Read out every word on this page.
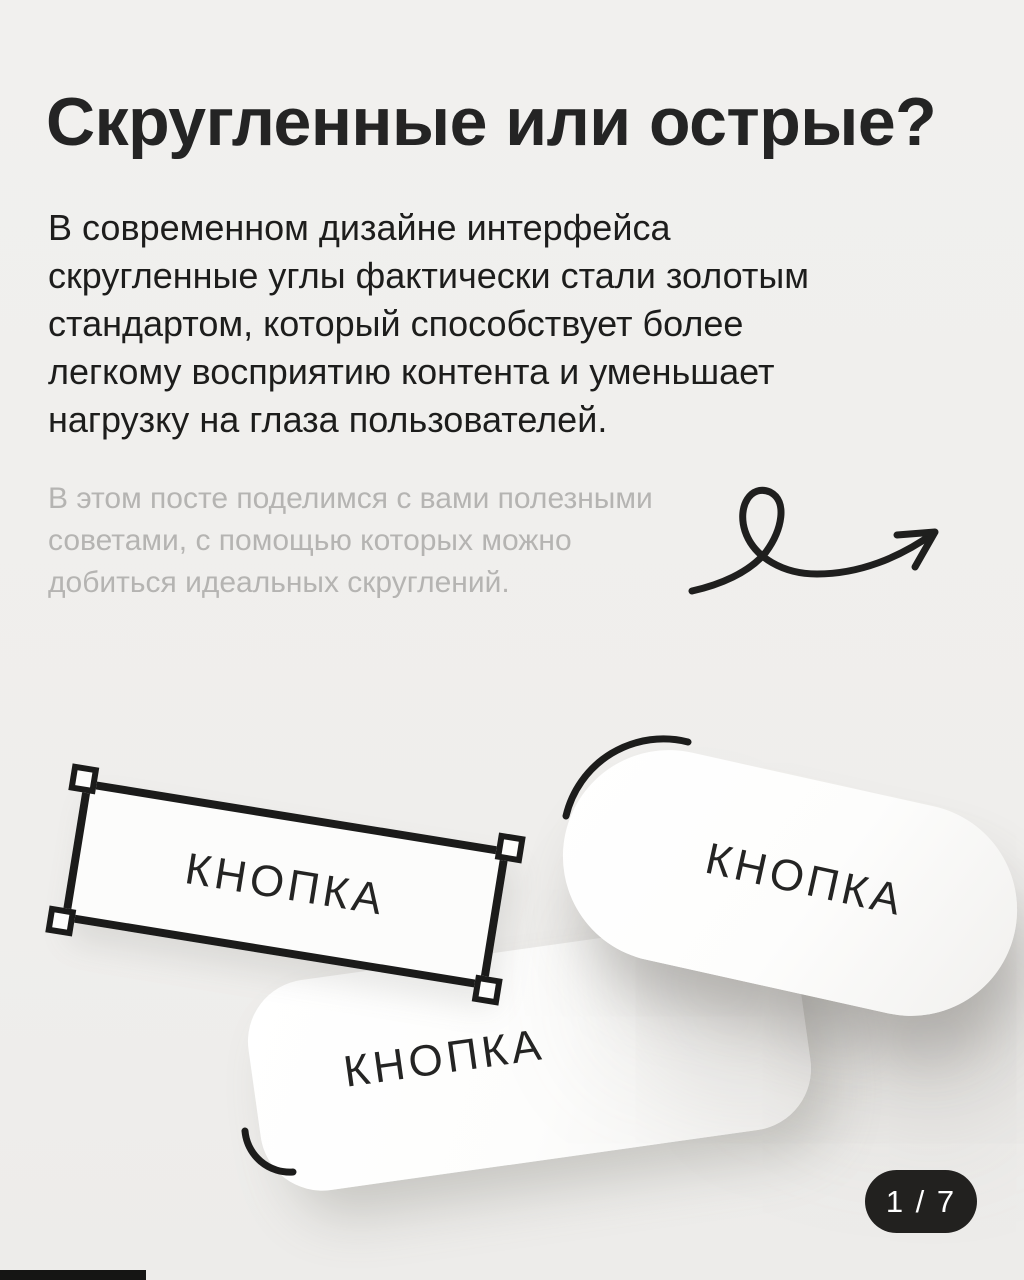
Скругленные или острые?
В современном дизайне интерфейса
скругленные углы фактически стали золотым
стандартом, который способствует более
легкому восприятию контента и уменьшает
нагрузку на глаза пользователей.
В этом посте поделимся с вами полезными
советами, с помощью которых можно
добиться идеальных скруглений.
КНОПКА
КНОПКА	КНОПКА
1 / 7
